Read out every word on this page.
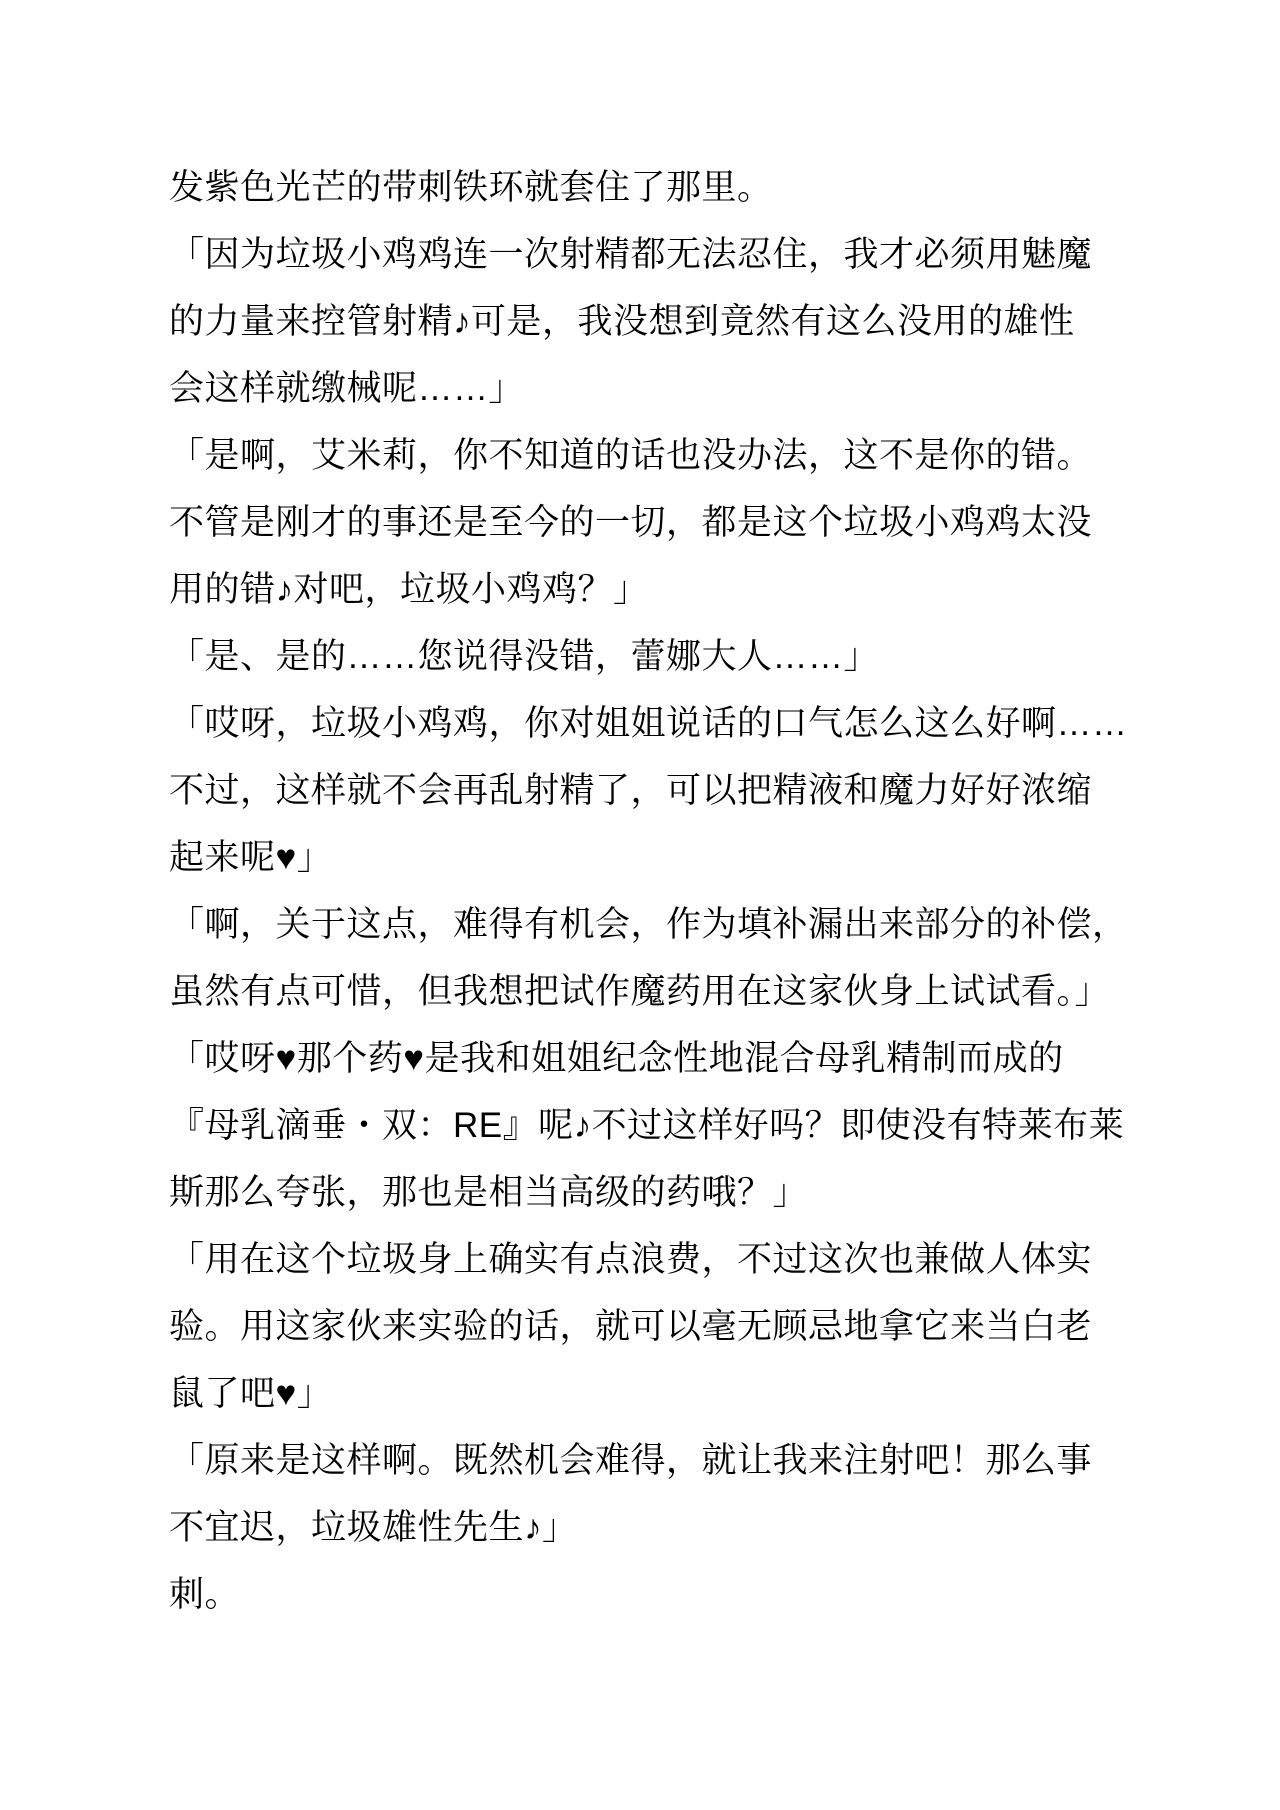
发紫色光芒的带刺铁环就套住了那里。
「因为垃圾小鸡鸡连一次射精都无法忍住，我才必须用魅魔
的力量来控管射精♪可是，我没想到竟然有这么没用的雄性
会这样就缴械呢……」
「是啊，艾米莉，你不知道的话也没办法，这不是你的错。
不管是刚才的事还是至今的一切，都是这个垃圾小鸡鸡太没
用的错♪对吧，垃圾小鸡鸡？」
「是、是的……您说得没错，蕾娜大人……」
「哎呀，垃圾小鸡鸡，你对姐姐说话的口气怎么这么好啊……
不过，这样就不会再乱射精了，可以把精液和魔力好好浓缩
起来呢♥」
「啊，关于这点，难得有机会，作为填补漏出来部分的补偿，
虽然有点可惜，但我想把试作魔药用在这家伙身上试试看。」
「哎呀♥那个药♥是我和姐姐纪念性地混合母乳精制而成的
『母乳滴垂・双：RE』呢♪不过这样好吗？即使没有特莱布莱
斯那么夸张，那也是相当高级的药哦？」
「用在这个垃圾身上确实有点浪费，不过这次也兼做人体实
验。用这家伙来实验的话，就可以毫无顾忌地拿它来当白老
鼠了吧♥」
「原来是这样啊。既然机会难得，就让我来注射吧！那么事
不宜迟，垃圾雄性先生♪」
刺。
